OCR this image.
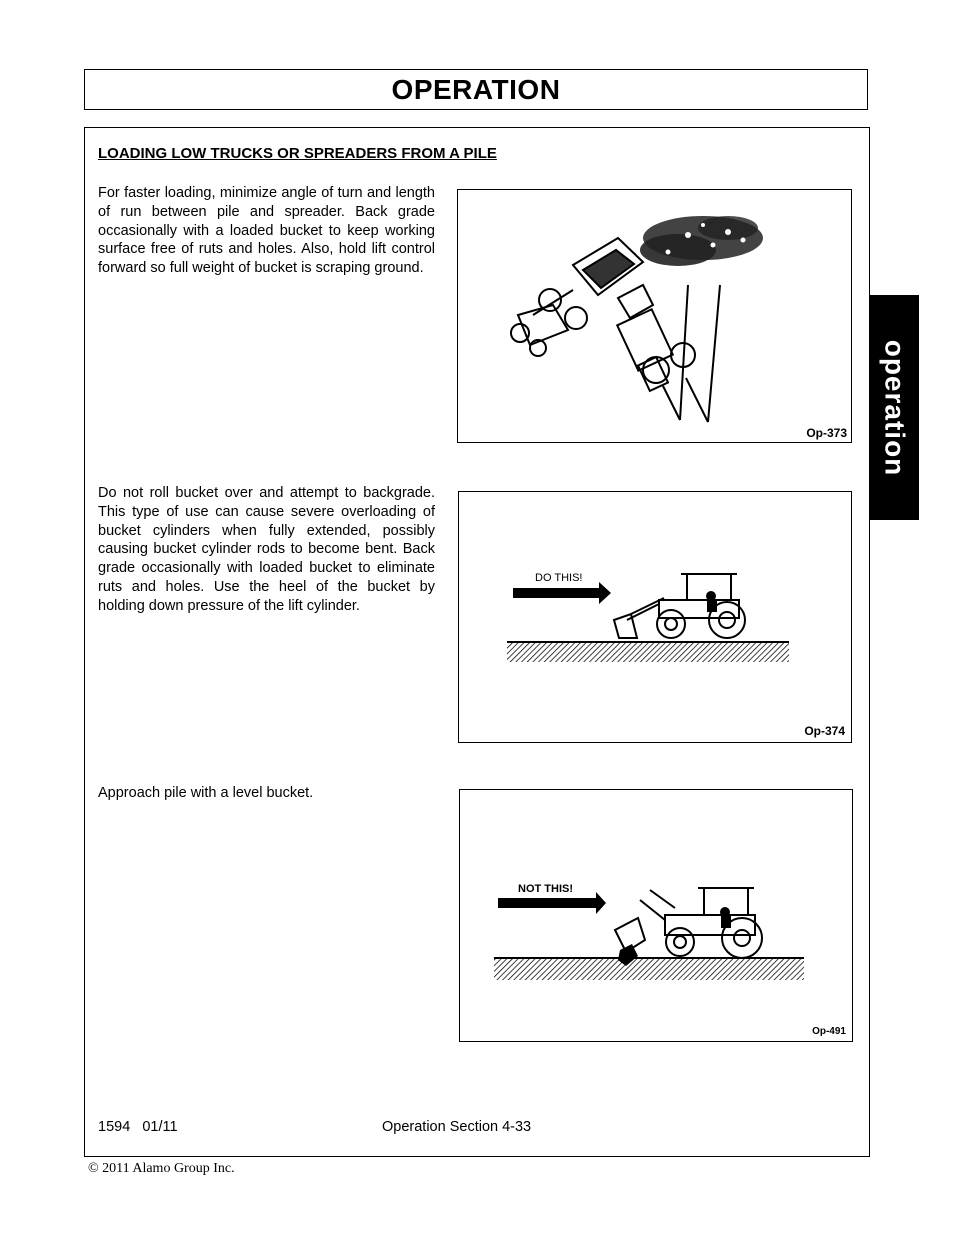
OPERATION
LOADING LOW TRUCKS OR SPREADERS FROM A PILE
For faster loading, minimize angle of turn and length of run between pile and spreader. Back grade occasionally with a loaded bucket to keep working surface free of ruts and holes. Also, hold lift control forward so full weight of bucket is scraping ground.
Op-373
Do not roll bucket over and attempt to backgrade. This type of use can cause severe overloading of bucket cylinders when fully extended, possibly causing bucket cylinder rods to become bent. Back grade occasionally with loaded bucket to eliminate ruts and holes. Use the heel of the bucket by holding down pressure of the lift cylinder.
DO THIS!
Op-374
Approach pile with a level bucket.
NOT THIS!
Op-491
operation
1594   01/11	Operation Section 4-33
© 2011 Alamo Group Inc.
